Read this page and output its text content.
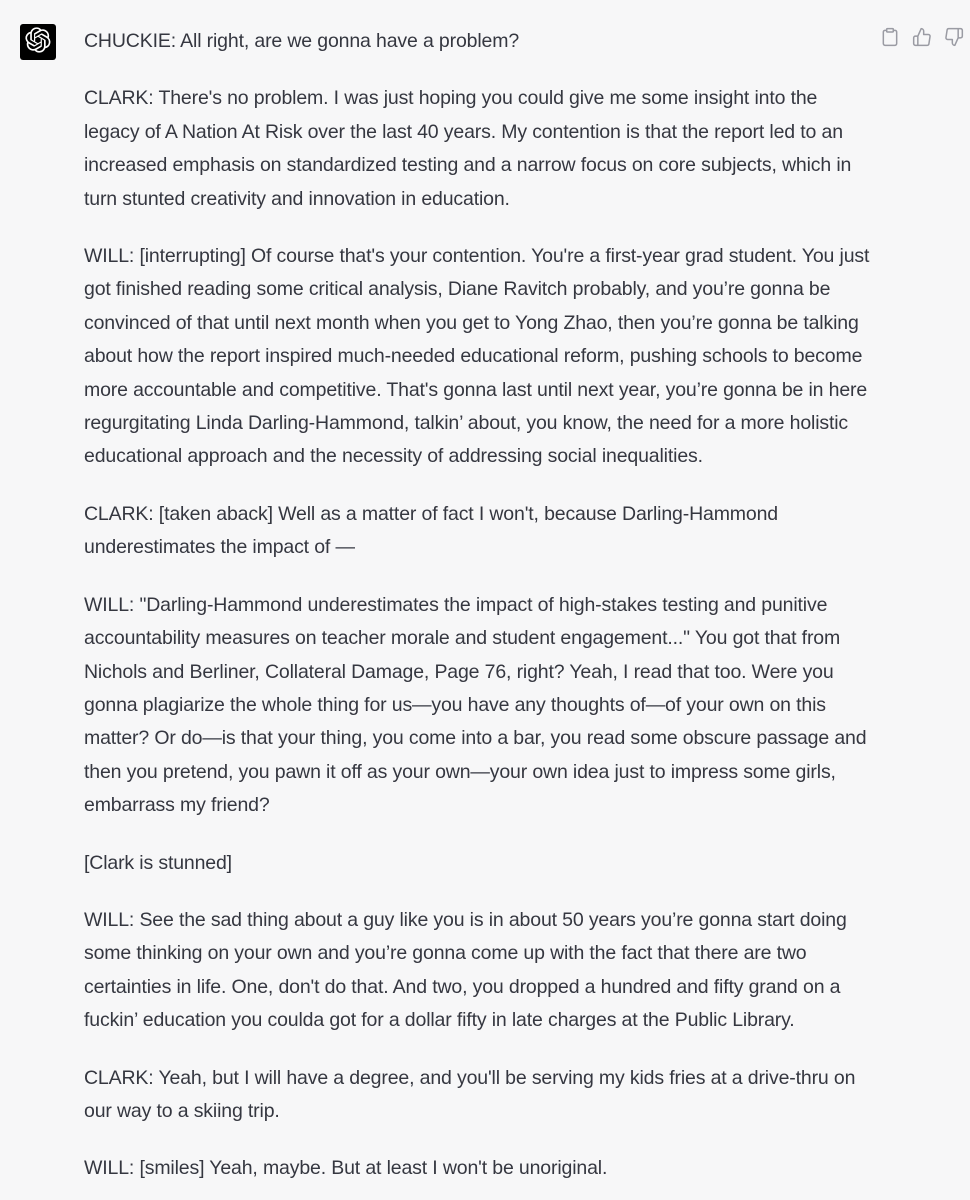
CHUCKIE: All right, are we gonna have a problem?

CLARK: There's no problem. I was just hoping you could give me some insight into the legacy of A Nation At Risk over the last 40 years. My contention is that the report led to an increased emphasis on standardized testing and a narrow focus on core subjects, which in turn stunted creativity and innovation in education.

WILL: [interrupting] Of course that's your contention. You're a first-year grad student. You just got finished reading some critical analysis, Diane Ravitch probably, and you’re gonna be convinced of that until next month when you get to Yong Zhao, then you’re gonna be talking about how the report inspired much-needed educational reform, pushing schools to become more accountable and competitive. That's gonna last until next year, you’re gonna be in here regurgitating Linda Darling-Hammond, talkin’ about, you know, the need for a more holistic educational approach and the necessity of addressing social inequalities.

CLARK: [taken aback] Well as a matter of fact I won't, because Darling-Hammond underestimates the impact of —

WILL: "Darling-Hammond underestimates the impact of high-stakes testing and punitive accountability measures on teacher morale and student engagement..." You got that from Nichols and Berliner, Collateral Damage, Page 76, right? Yeah, I read that too. Were you gonna plagiarize the whole thing for us—you have any thoughts of—of your own on this matter? Or do—is that your thing, you come into a bar, you read some obscure passage and then you pretend, you pawn it off as your own—your own idea just to impress some girls, embarrass my friend?

[Clark is stunned]

WILL: See the sad thing about a guy like you is in about 50 years you’re gonna start doing some thinking on your own and you’re gonna come up with the fact that there are two certainties in life. One, don't do that. And two, you dropped a hundred and fifty grand on a fuckin’ education you coulda got for a dollar fifty in late charges at the Public Library.

CLARK: Yeah, but I will have a degree, and you'll be serving my kids fries at a drive-thru on our way to a skiing trip.

WILL: [smiles] Yeah, maybe. But at least I won't be unoriginal.
